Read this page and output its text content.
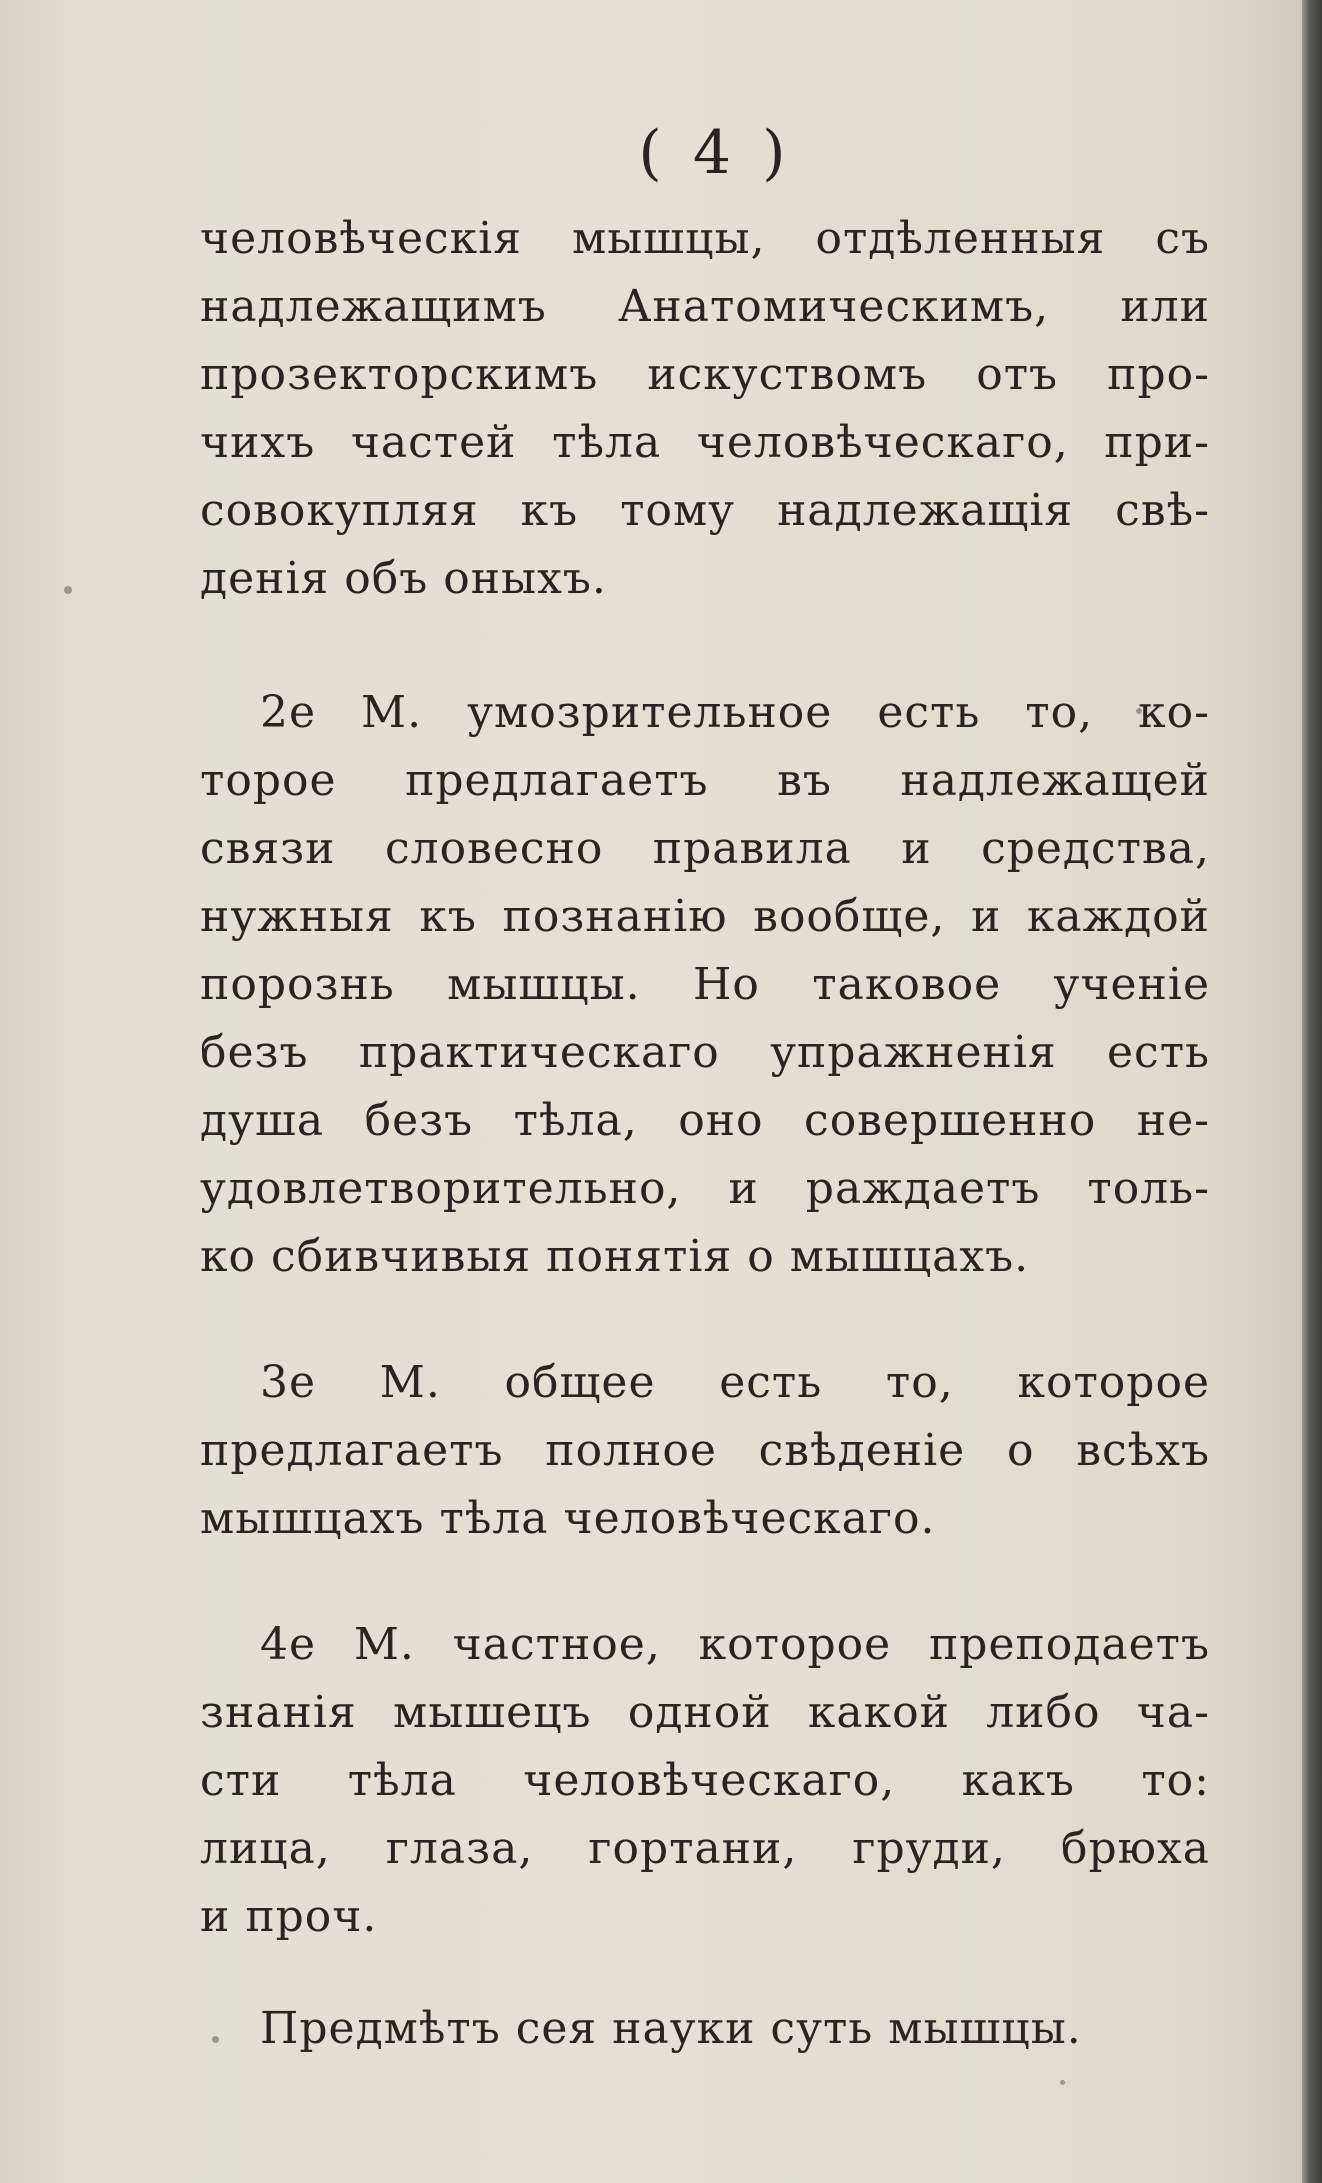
( 4 )

человѣческія мышцы, отдѣленныя съ
надлежащимъ Анатомическимъ, или
прозекторскимъ искуствомъ отъ про-
чихъ частей тѣла человѣческаго, при-
совокупляя къ тому надлежащія свѣ-
денія объ оныхъ.
2е М. умозрительное есть то, ко-
торое предлагаетъ въ надлежащей
связи словесно правила и средства,
нужныя къ познанію вообще, и каждой
порознь мышцы. Но таковое ученіе
безъ практическаго упражненія есть
душа безъ тѣла, оно совершенно не-
удовлетворительно, и раждаетъ толь-
ко сбивчивыя понятія о мышцахъ.
3е М. общее есть то, которое
предлагаетъ полное свѣденіе о всѣхъ
мышцахъ тѣла человѣческаго.
4е М. частное, которое преподаетъ
знанія мышецъ одной какой либо ча-
сти тѣла человѣческаго, какъ то:
лица, глаза, гортани, груди, брюха
и проч.
Предмѣтъ сея науки суть мышцы.
